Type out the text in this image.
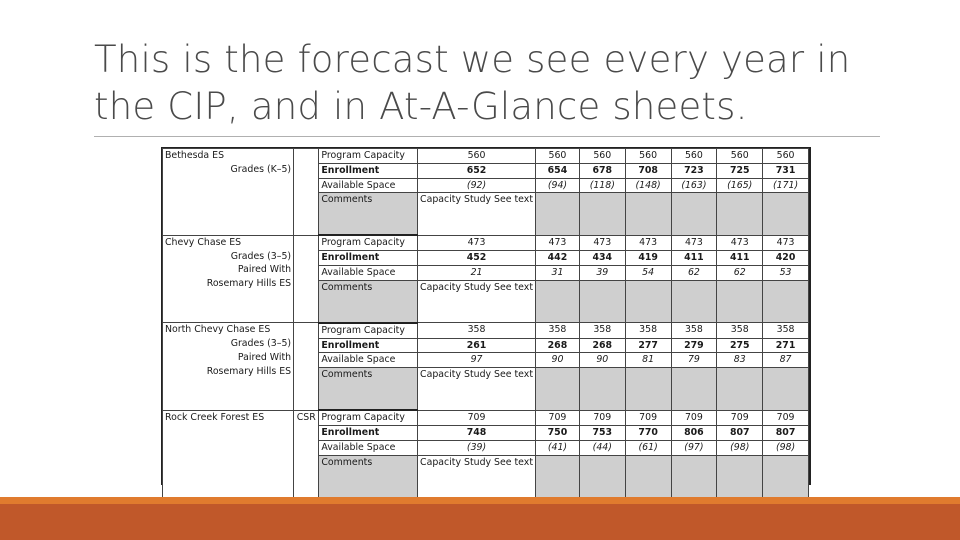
This is the forecast we see every year in
the CIP, and in At-A-Glance sheets.
Bethesda ES
Grades (K–5)		Program Capacity	560	560	560	560	560	560	560
		Enrollment	652	654	678	708	723	725	731
		Available Space	(92)	(94)	(118)	(148)	(163)	(165)	(171)
		Comments	Capacity Study See text						

Chevy Chase ES
Grades (3–5)
Paired With
Rosemary Hills ES		Program Capacity	473	473	473	473	473	473	473
		Enrollment	452	442	434	419	411	411	420
		Available Space	21	31	39	54	62	62	53
		Comments	Capacity Study See text						

North Chevy Chase ES
Grades (3–5)
Paired With
Rosemary Hills ES		Program Capacity	358	358	358	358	358	358	358
		Enrollment	261	268	268	277	279	275	271
		Available Space	97	90	90	81	79	83	87
		Comments	Capacity Study See text						

Rock Creek Forest ES	CSR	Program Capacity	709	709	709	709	709	709	709
		Enrollment	748	750	753	770	806	807	807
		Available Space	(39)	(41)	(44)	(61)	(97)	(98)	(98)
		Comments	Capacity Study See text						
